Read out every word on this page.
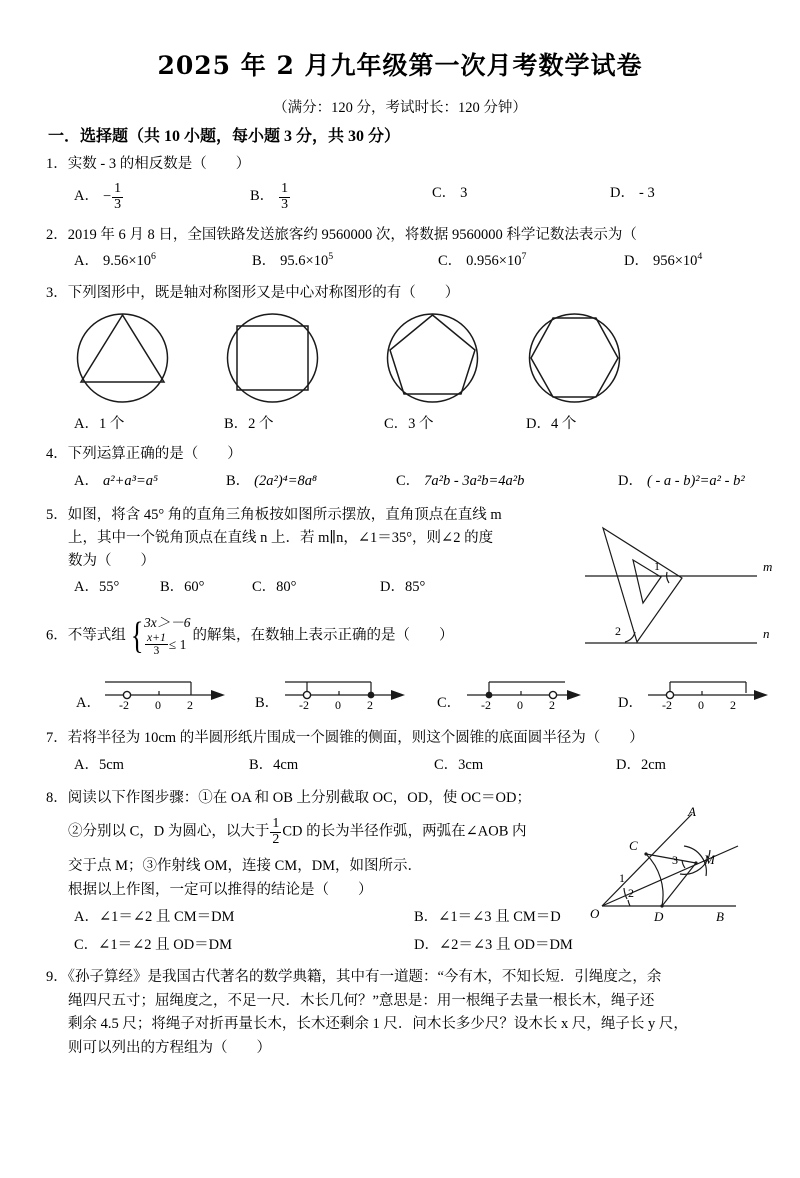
2025 年 2 月九年级第一次月考数学试卷
（满分：120 分，考试时长：120 分钟）
一．选择题（共 10 小题，每小题 3 分，共 30 分）
1．实数 - 3 的相反数是（　　）
A． − $\frac{1}{3}$	B． $\frac{1}{3}$	C． 3	D． - 3
2．2019 年 6 月 8 日，全国铁路发送旅客约 9560000 次，将数据 9560000 科学记数法表示为（
A． $9.56\times 10^6$	B． $95.6\times 10^5$	C． $0.956\times 10^7$	D． $956\times 10^4$
3．下列图形中，既是轴对称图形又是中心对称图形的有（　　）
A．1 个	B．2 个	C．3 个	D．4 个
4．下列运算正确的是（　　）
A． a²+a³=a⁵	B． (2a²)⁴=8a⁸	C． 7a²b - 3a²b=4a²b	D． ( - a - b)²=a² - b²
m
n
1
2
5．如图，将含 45° 角的直角三角板按如图所示摆放，直角顶点在直线 m
上，其中一个锐角顶点在直线 n 上．若 m∥n，∠1＝35°，则∠2 的度
数为（　　）
A．55°	B．60°	C．80°	D．85°
6．不等式组 { 3x＞－6
$\frac{x+1}{3} \le 1$
的解集，在数轴上表示正确的是（　　）
A． -2 0 2	B． -2 0 2	C． -2 0 2	D． -2 0 2
7．若将半径为 10cm 的半圆形纸片围成一个圆锥的侧面，则这个圆锥的底面圆半径为（　　）
A．5cm	B．4cm	C．3cm	D．2cm
A
B
O
C
D
M
1
2
3
8．阅读以下作图步骤：①在 OA 和 OB 上分别截取 OC，OD，使 OC＝OD；
②分别以 C，D 为圆心，以大于 $\frac{1}{2}$ CD 的长为半径作弧，两弧在∠AOB 内
交于点 M；③作射线 OM，连接 CM，DM，如图所示．
根据以上作图，一定可以推得的结论是（　　）
A．∠1＝∠2 且 CM＝DM	B．∠1＝∠3 且 CM＝D
C．∠1＝∠2 且 OD＝DM	D．∠2＝∠3 且 OD＝DM
9．《孙子算经》是我国古代著名的数学典籍，其中有一道题：“今有木，不知长短．引绳度之，余
绳四尺五寸；屈绳度之，不足一尺．木长几何？”意思是：用一根绳子去量一根长木，绳子还
剩余 4.5 尺；将绳子对折再量长木，长木还剩余 1 尺．问木长多少尺？设木长 x 尺，绳子长 y 尺，
则可以列出的方程组为（　　）
